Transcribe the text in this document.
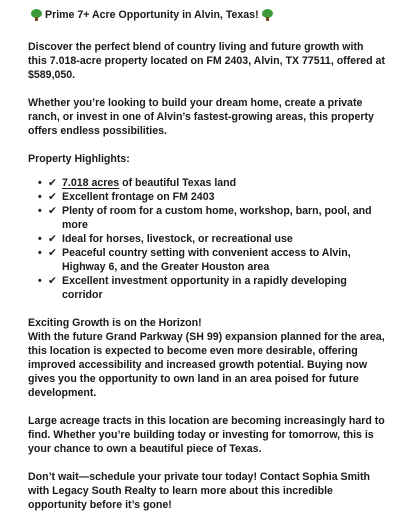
Prime 7+ Acre Opportunity in Alvin, Texas!

Discover the perfect blend of country living and future growth with this 7.018-acre property located on FM 2403, Alvin, TX 77511, offered at $589,050.

Whether you’re looking to build your dream home, create a private ranch, or invest in one of Alvin’s fastest-growing areas, this property offers endless possibilities.

Property Highlights:

• ✔ 7.018 acres of beautiful Texas land
• ✔ Excellent frontage on FM 2403
• ✔ Plenty of room for a custom home, workshop, barn, pool, and more
• ✔ Ideal for horses, livestock, or recreational use
• ✔ Peaceful country setting with convenient access to Alvin, Highway 6, and the Greater Houston area
• ✔ Excellent investment opportunity in a rapidly developing corridor

Exciting Growth is on the Horizon!

With the future Grand Parkway (SH 99) expansion planned for the area, this location is expected to become even more desirable, offering improved accessibility and increased growth potential. Buying now gives you the opportunity to own land in an area poised for future development.

Large acreage tracts in this location are becoming increasingly hard to find. Whether you’re building today or investing for tomorrow, this is your chance to own a beautiful piece of Texas.

Don’t wait—schedule your private tour today! Contact Sophia Smith with Legacy South Realty to learn more about this incredible opportunity before it’s gone!
